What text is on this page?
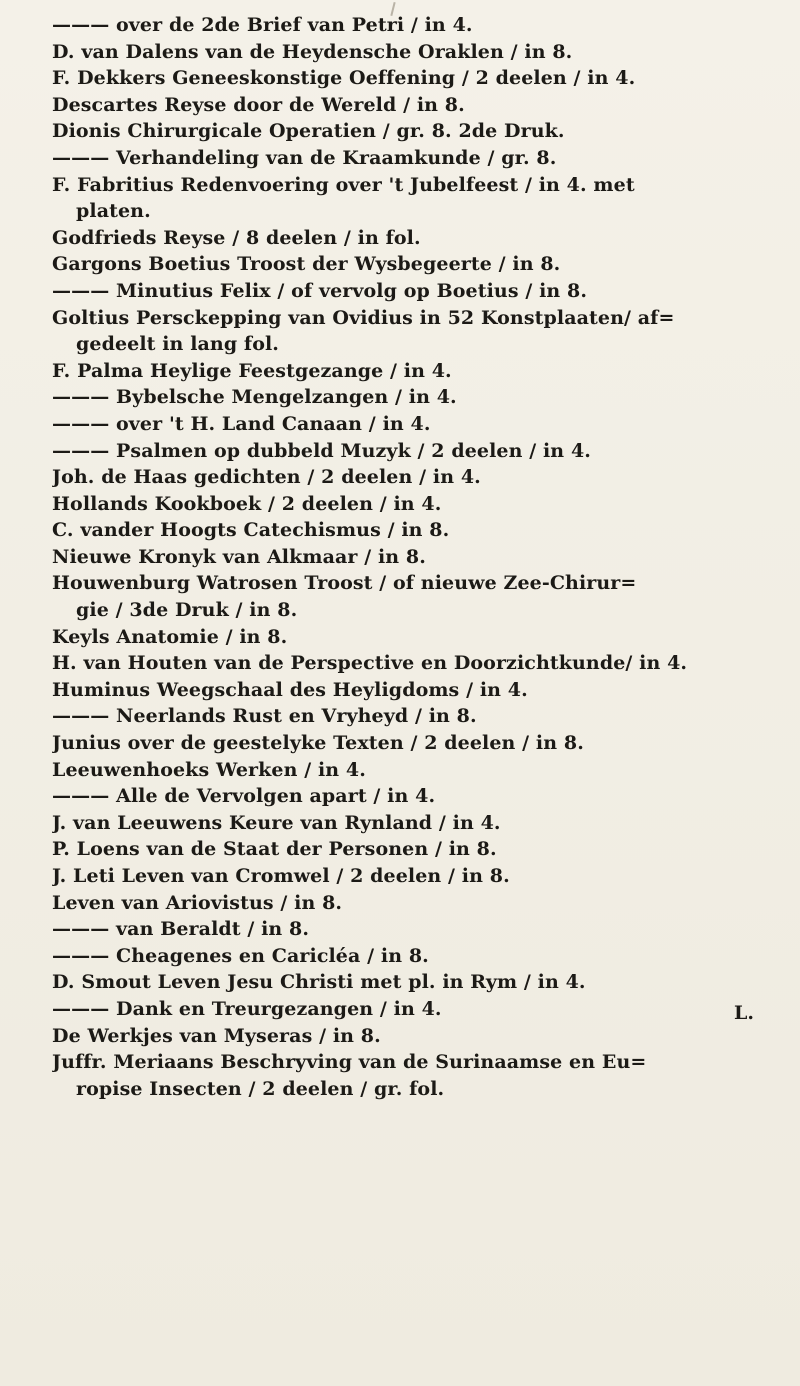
——— over de 2de Brief van Petri / in 4.
D. van Dalens van de Heydensche Oraklen / in 8.
F. Dekkers Geneeskonstige Oeffening / 2 deelen / in 4.
Descartes Reyse door de Wereld / in 8.
Dionis Chirurgicale Operatien / gr. 8. 2de Druk.
——— Verhandeling van de Kraamkunde / gr. 8.
F. Fabritius Redenvoering over 't Jubelfeest / in 4. met
platen.
Godfrieds Reyse / 8 deelen / in fol.
Gargons Boetius Troost der Wysbegeerte / in 8.
——— Minutius Felix / of vervolg op Boetius / in 8.
Goltius Persckepping van Ovidius in 52 Konstplaaten/ af=
gedeelt in lang fol.
F. Palma Heylige Feestgezange / in 4.
——— Bybelsche Mengelzangen / in 4.
——— over 't H. Land Canaan / in 4.
——— Psalmen op dubbeld Muzyk / 2 deelen / in 4.
Joh. de Haas gedichten / 2 deelen / in 4.
Hollands Kookboek / 2 deelen / in 4.
C. vander Hoogts Catechismus / in 8.
Nieuwe Kronyk van Alkmaar / in 8.
Houwenburg Watrosen Troost / of nieuwe Zee-Chirur=
gie / 3de Druk / in 8.
Keyls Anatomie / in 8.
H. van Houten van de Perspective en Doorzichtkunde/ in 4.
Huminus Weegschaal des Heyligdoms / in 4.
——— Neerlands Rust en Vryheyd / in 8.
Junius over de geestelyke Texten / 2 deelen / in 8.
Leeuwenhoeks Werken / in 4.
——— Alle de Vervolgen apart / in 4.
J. van Leeuwens Keure van Rynland / in 4.
P. Loens van de Staat der Personen / in 8.
J. Leti Leven van Cromwel / 2 deelen / in 8.
Leven van Ariovistus / in 8.
——— van Beraldt / in 8.
——— Cheagenes en Caricléa / in 8.
D. Smout Leven Jesu Christi met pl. in Rym / in 4.
——— Dank en Treurgezangen / in 4.
De Werkjes van Myseras / in 8.
Juffr. Meriaans Beschryving van de Surinaamse en Eu=
ropise Insecten / 2 deelen / gr. fol.
L.
